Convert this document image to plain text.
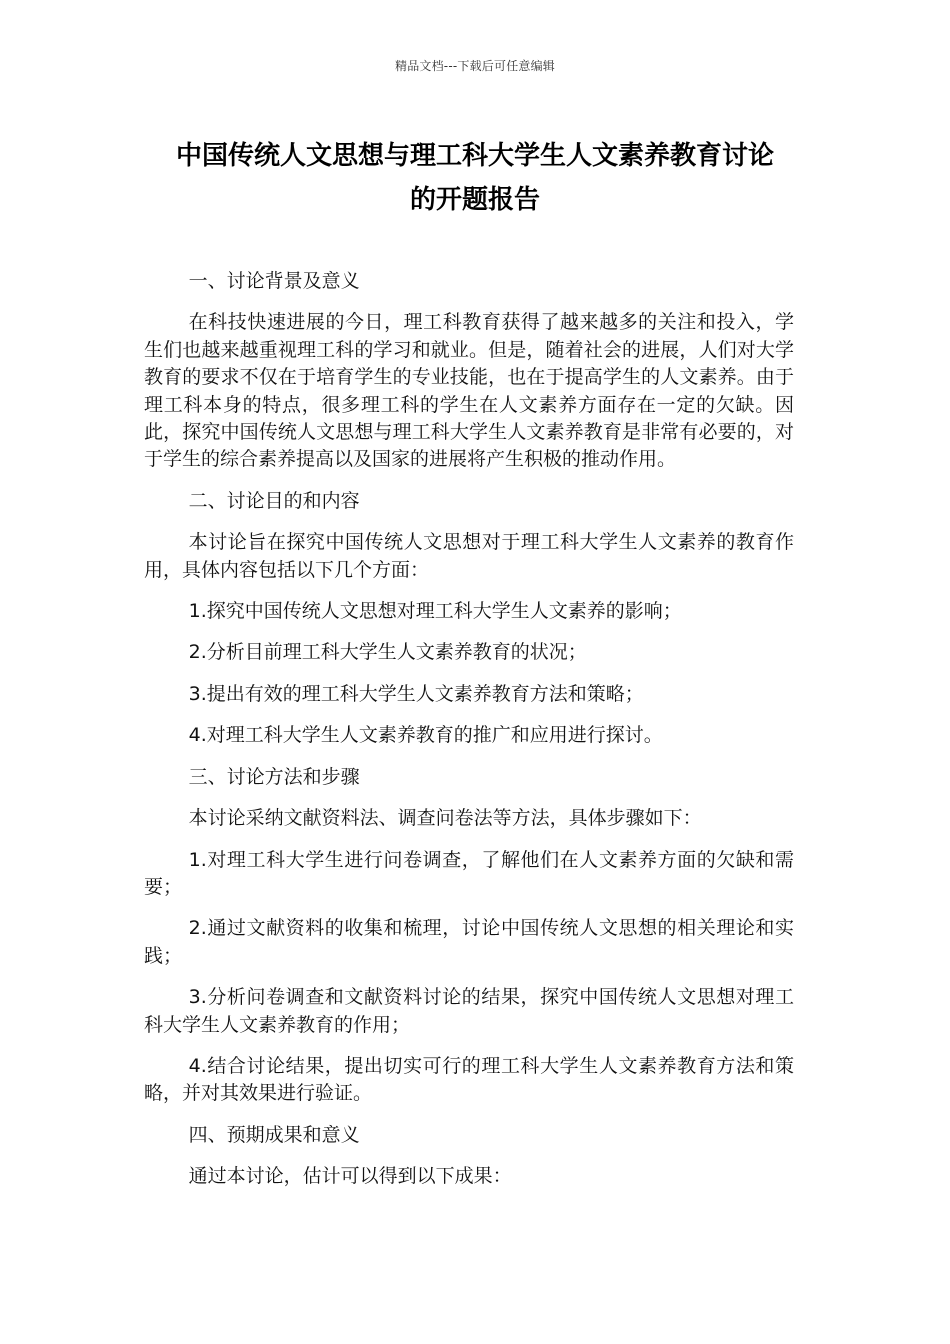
精品文档---下载后可任意编辑
中国传统人文思想与理工科大学生人文素养教育讨论
的开题报告

一、讨论背景及意义

在科技快速进展的今日，理工科教育获得了越来越多的关注和投入，学生们也越来越重视理工科的学习和就业。但是，随着社会的进展，人们对大学教育的要求不仅在于培育学生的专业技能，也在于提高学生的人文素养。由于理工科本身的特点，很多理工科的学生在人文素养方面存在一定的欠缺。因此，探究中国传统人文思想与理工科大学生人文素养教育是非常有必要的，对于学生的综合素养提高以及国家的进展将产生积极的推动作用。

二、讨论目的和内容

本讨论旨在探究中国传统人文思想对于理工科大学生人文素养的教育作用，具体内容包括以下几个方面：

1.探究中国传统人文思想对理工科大学生人文素养的影响；

2.分析目前理工科大学生人文素养教育的状况；

3.提出有效的理工科大学生人文素养教育方法和策略；

4.对理工科大学生人文素养教育的推广和应用进行探讨。

三、讨论方法和步骤

本讨论采纳文献资料法、调查问卷法等方法，具体步骤如下：

1.对理工科大学生进行问卷调查，了解他们在人文素养方面的欠缺和需要；

2.通过文献资料的收集和梳理，讨论中国传统人文思想的相关理论和实践；

3.分析问卷调查和文献资料讨论的结果，探究中国传统人文思想对理工科大学生人文素养教育的作用；

4.结合讨论结果，提出切实可行的理工科大学生人文素养教育方法和策略，并对其效果进行验证。

四、预期成果和意义

通过本讨论，估计可以得到以下成果：
